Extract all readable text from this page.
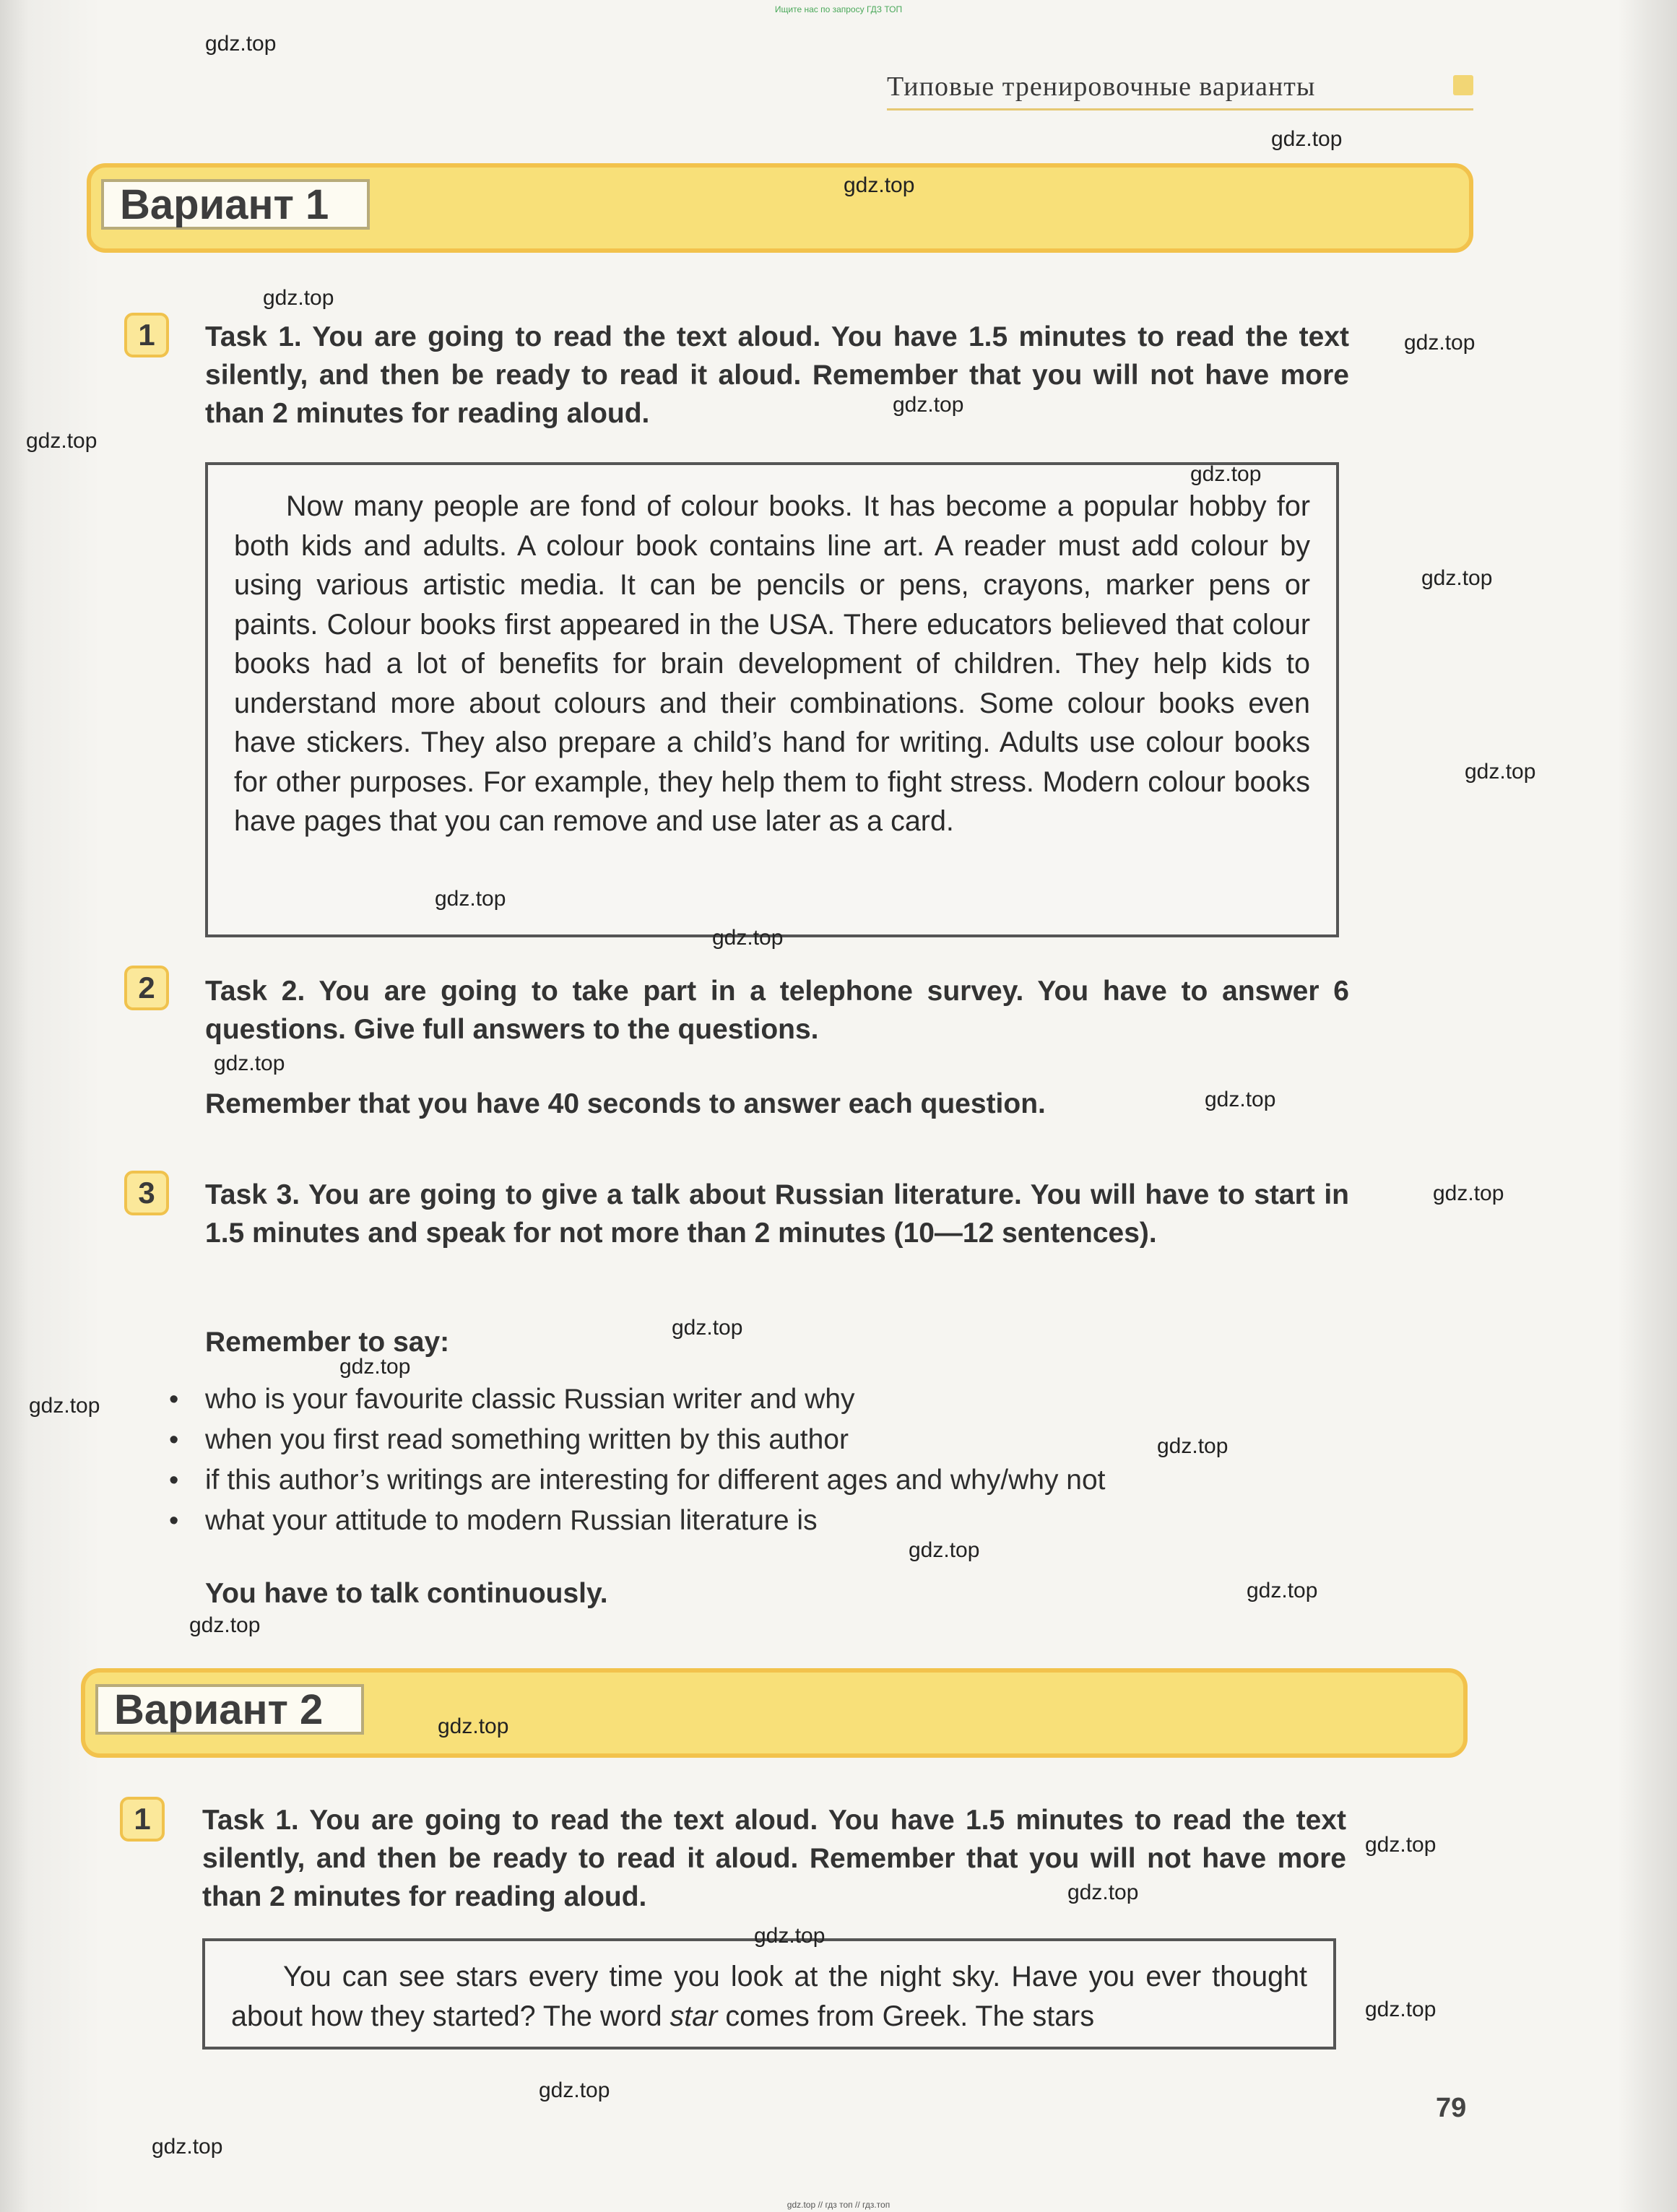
Ищите нас по запросу ГДЗ ТОП
Типовые тренировочные варианты
Вариант 1
1	Task 1. You are going to read the text aloud. You have 1.5 minutes to read the text silently, and then be ready to read it aloud. Remember that you will not have more than 2 minutes for reading aloud.

Now many people are fond of colour books. It has become a popular hobby for both kids and adults. A colour book contains line art. A reader must add colour by using various artistic media. It can be pencils or pens, crayons, marker pens or paints. Colour books first appeared in the USA. There educators believed that colour books had a lot of benefits for brain development of children. They help kids to understand more about colours and their combinations. Some colour books even have stickers. They also prepare a child’s hand for writing. Adults use colour books for other purposes. For example, they help them to fight stress. Modern colour books have pages that you can remove and use later as a card.

2	Task 2. You are going to take part in a telephone survey. You have to answer 6 questions. Give full answers to the questions.
Remember that you have 40 seconds to answer each question.
3	Task 3. You are going to give a talk about Russian literature. You will have to start in 1.5 minutes and speak for not more than 2 minutes (10—12 sentences).
Remember to say:
• who is your favourite classic Russian writer and why
• when you first read something written by this author
• if this author’s writings are interesting for different ages and why/why not
• what your attitude to modern Russian literature is
You have to talk continuously.
Вариант 2
1	Task 1. You are going to read the text aloud. You have 1.5 minutes to read the text silently, and then be ready to read it aloud. Remember that you will not have more than 2 minutes for reading aloud.

You can see stars every time you look at the night sky. Have you ever thought about how they started? The word star comes from Greek. The stars

79
gdz.top
gdz.top
gdz.top
gdz.top
gdz.top
gdz.top
gdz.top
gdz.top
gdz.top
gdz.top
gdz.top
gdz.top
gdz.top
gdz.top
gdz.top
gdz.top
gdz.top
gdz.top
gdz.top
gdz.top
gdz.top
gdz.top
gdz.top
gdz.top
gdz.top
gdz.top
gdz.top
gdz.top
gdz.top
gdz.top // гдз топ // гдз.топ
